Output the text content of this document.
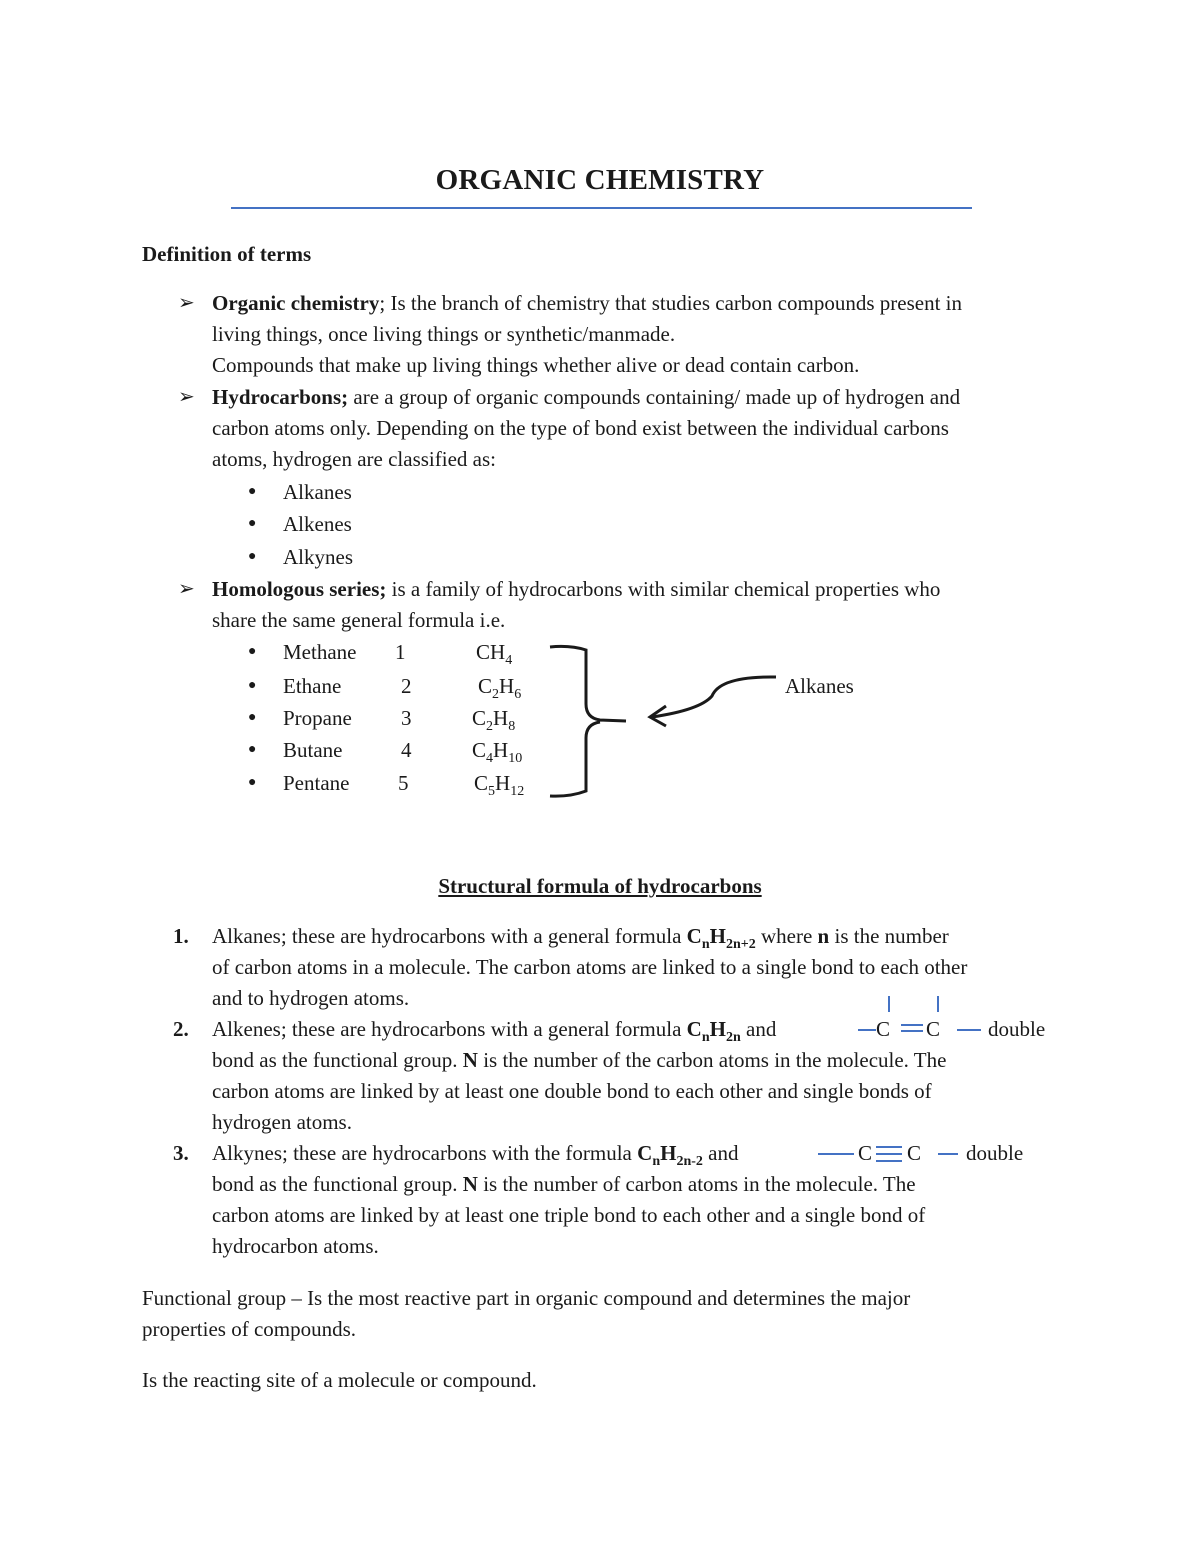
ORGANIC CHEMISTRY
Definition of terms
➢ Organic chemistry; Is the branch of chemistry that studies carbon compounds present in
living things, once living things or synthetic/manmade.
Compounds that make up living things whether alive or dead contain carbon.
➢ Hydrocarbons; are a group of organic compounds containing/ made up of hydrogen and
carbon atoms only. Depending on the type of bond exist between the individual carbons
atoms, hydrogen are classified as:
● Alkanes
● Alkenes
● Alkynes
➢ Homologous series; is a family of hydrocarbons with similar chemical properties who
share the same general formula i.e.
● Methane 1	$CH_4$
● Ethane	2	$C_2H_6$
● Propane 3	$C_2H_8$
● Butane	4	$C_4H_{10}$
● Pentane 5	$C_5H_{12}$
Alkanes
Structural formula of hydrocarbons
1. Alkanes; these are hydrocarbons with a general formula $C_nH_{2n+2}$ where n is the number
of carbon atoms in a molecule. The carbon atoms are linked to a single bond to each other
and to hydrogen atoms.
2. Alkenes; these are hydrocarbons with a general formula $C_nH_{2n}$ and	C C double
bond as the functional group. N is the number of the carbon atoms in the molecule. The
carbon atoms are linked by at least one double bond to each other and single bonds of
hydrogen atoms.
3. Alkynes; these are hydrocarbons with the formula $C_nH_{2n-2}$ and	C C double
bond as the functional group. N is the number of carbon atoms in the molecule. The
carbon atoms are linked by at least one triple bond to each other and a single bond of
hydrocarbon atoms.
Functional group – Is the most reactive part in organic compound and determines the major
properties of compounds.
Is the reacting site of a molecule or compound.
